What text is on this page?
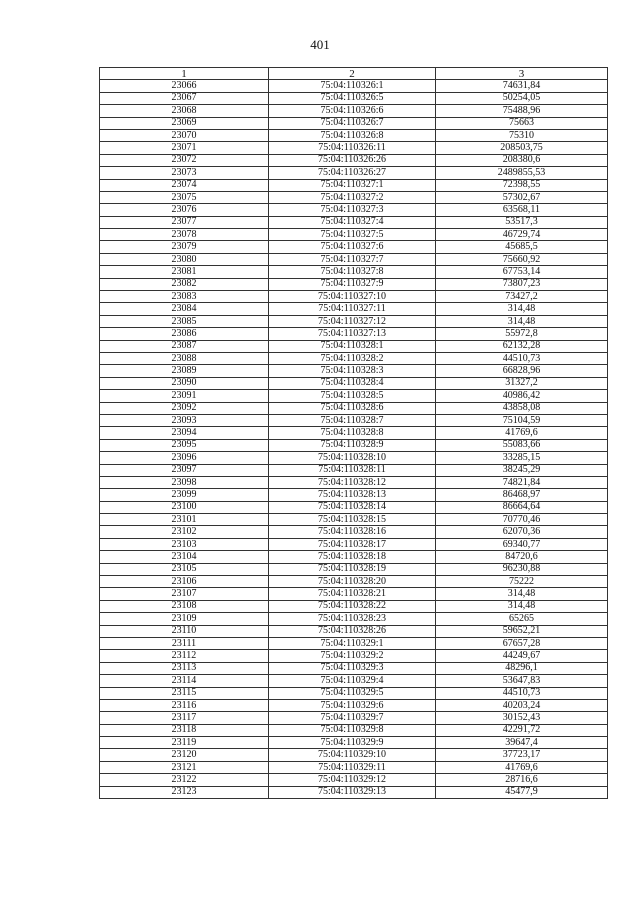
401
1	2	3
23066	75:04:110326:1	74631,84
23067	75:04:110326:5	50254,05
23068	75:04:110326:6	75488,96
23069	75:04:110326:7	75663
23070	75:04:110326:8	75310
23071	75:04:110326:11	208503,75
23072	75:04:110326:26	208380,6
23073	75:04:110326:27	2489855,53
23074	75:04:110327:1	72398,55
23075	75:04:110327:2	57302,67
23076	75:04:110327:3	63568,11
23077	75:04:110327:4	53517,3
23078	75:04:110327:5	46729,74
23079	75:04:110327:6	45685,5
23080	75:04:110327:7	75660,92
23081	75:04:110327:8	67753,14
23082	75:04:110327:9	73807,23
23083	75:04:110327:10	73427,2
23084	75:04:110327:11	314,48
23085	75:04:110327:12	314,48
23086	75:04:110327:13	55972,8
23087	75:04:110328:1	62132,28
23088	75:04:110328:2	44510,73
23089	75:04:110328:3	66828,96
23090	75:04:110328:4	31327,2
23091	75:04:110328:5	40986,42
23092	75:04:110328:6	43858,08
23093	75:04:110328:7	75104,59
23094	75:04:110328:8	41769,6
23095	75:04:110328:9	55083,66
23096	75:04:110328:10	33285,15
23097	75:04:110328:11	38245,29
23098	75:04:110328:12	74821,84
23099	75:04:110328:13	86468,97
23100	75:04:110328:14	86664,64
23101	75:04:110328:15	70770,46
23102	75:04:110328:16	62070,36
23103	75:04:110328:17	69340,77
23104	75:04:110328:18	84720,6
23105	75:04:110328:19	96230,88
23106	75:04:110328:20	75222
23107	75:04:110328:21	314,48
23108	75:04:110328:22	314,48
23109	75:04:110328:23	65265
23110	75:04:110328:26	59652,21
23111	75:04:110329:1	67657,28
23112	75:04:110329:2	44249,67
23113	75:04:110329:3	48296,1
23114	75:04:110329:4	53647,83
23115	75:04:110329:5	44510,73
23116	75:04:110329:6	40203,24
23117	75:04:110329:7	30152,43
23118	75:04:110329:8	42291,72
23119	75:04:110329:9	39647,4
23120	75:04:110329:10	37723,17
23121	75:04:110329:11	41769,6
23122	75:04:110329:12	28716,6
23123	75:04:110329:13	45477,9
